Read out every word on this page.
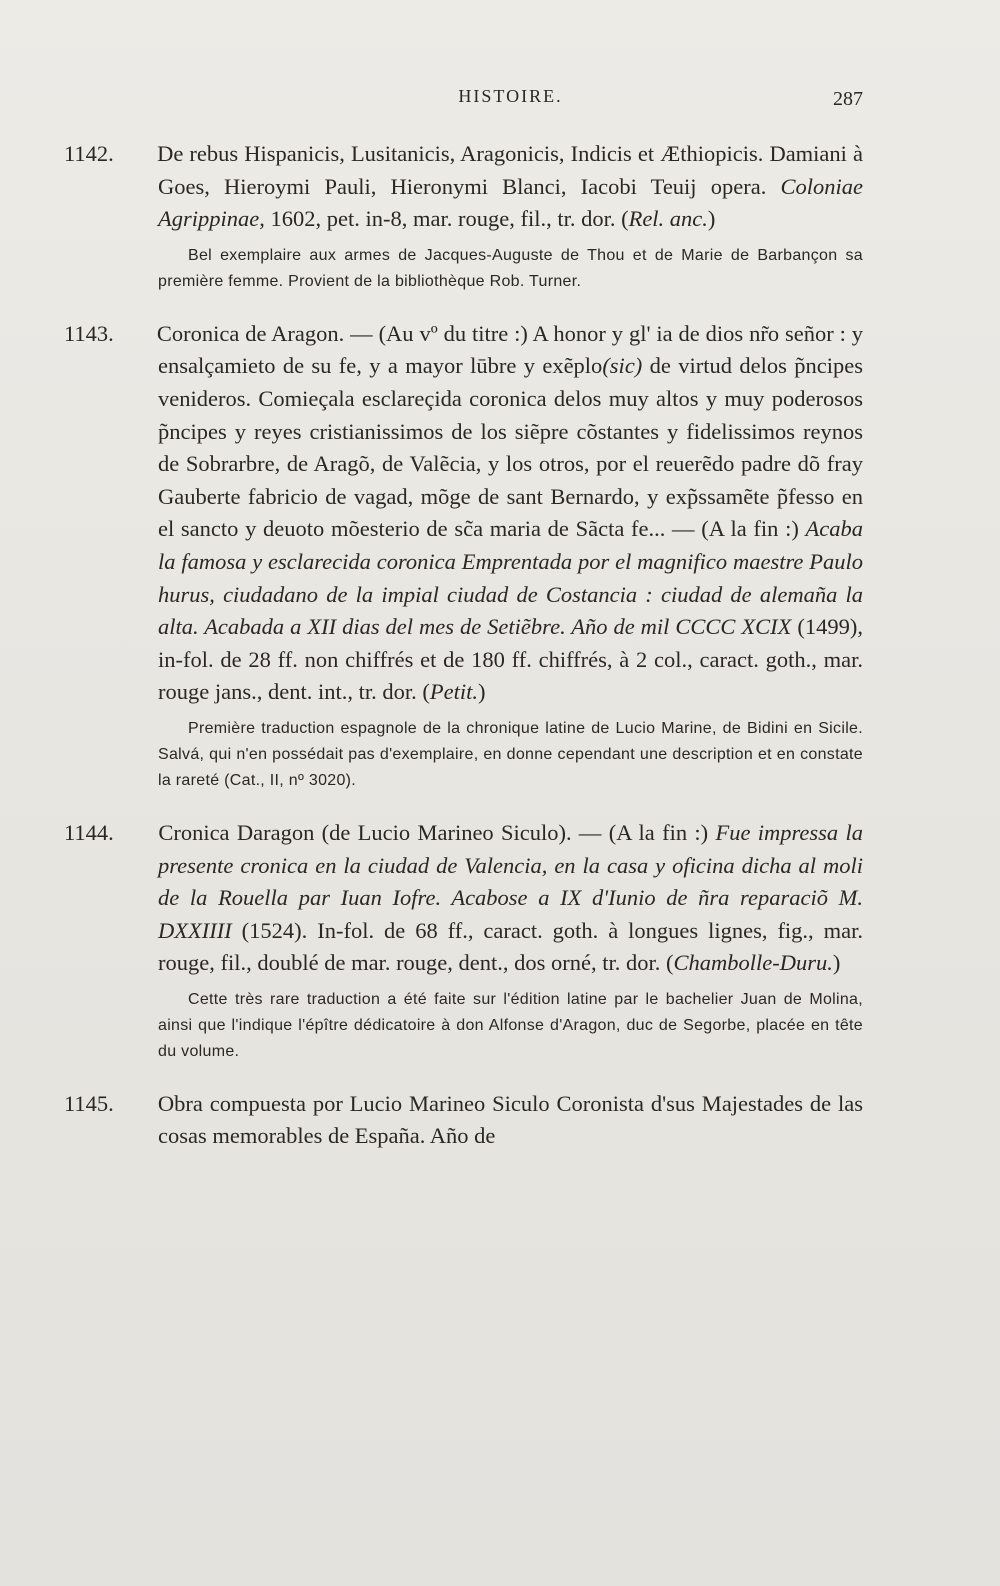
HISTOIRE.	287

1142. De rebus Hispanicis, Lusitanicis, Aragonicis, Indicis et Æthiopicis. Damiani à Goes, Hieroymi Pauli, Hieronymi Blanci, Iacobi Teuij opera. Coloniae Agrippinae, 1602, pet. in-8, mar. rouge, fil., tr. dor. (Rel. anc.)

Bel exemplaire aux armes de Jacques-Auguste de Thou et de Marie de Barbançon sa première femme. Provient de la bibliothèque Rob. Turner.

1143. Coronica de Aragon. — (Au vº du titre :) A honor y gl' ia de dios nr̃o señor : y ensalçamieto de su fe, y a mayor lūbre y exẽplo(sic) de virtud delos p̃ncipes venideros. Comieçala esclareçida coronica delos muy altos y muy poderosos p̃ncipes y reyes cristianissimos de los siẽpre cõstantes y fidelissimos reynos de Sobrarbre, de Aragõ, de Valẽcia, y los otros, por el reuerẽdo padre dõ fray Gauberte fabricio de vagad, mõge de sant Bernardo, y exp̃ssamẽte p̃fesso en el sancto y deuoto mõesterio de sc̃a maria de Sãcta fe... — (A la fin :) Acaba la famosa y esclarecida coronica Emprentada por el magnifico maestre Paulo hurus, ciudadano de la impial ciudad de Costancia : ciudad de alemaña la alta. Acabada a XII dias del mes de Setiẽbre. Año de mil CCCC XCIX (1499), in-fol. de 28 ff. non chiffrés et de 180 ff. chiffrés, à 2 col., caract. goth., mar. rouge jans., dent. int., tr. dor. (Petit.)

Première traduction espagnole de la chronique latine de Lucio Marine, de Bidini en Sicile. Salvá, qui n'en possédait pas d'exemplaire, en donne cependant une description et en constate la rareté (Cat., II, nº 3020).

1144. Cronica Daragon (de Lucio Marineo Siculo). — (A la fin :) Fue impressa la presente cronica en la ciudad de Valencia, en la casa y oficina dicha al moli de la Rouella par Iuan Iofre. Acabose a IX d'Iunio de ñra reparaciõ M. DXXIIII (1524). In-fol. de 68 ff., caract. goth. à longues lignes, fig., mar. rouge, fil., doublé de mar. rouge, dent., dos orné, tr. dor. (Chambolle-Duru.)

Cette très rare traduction a été faite sur l'édition latine par le bachelier Juan de Molina, ainsi que l'indique l'épître dédicatoire à don Alfonse d'Aragon, duc de Segorbe, placée en tête du volume.

1145. Obra compuesta por Lucio Marineo Siculo Coronista d'sus Majestades de las cosas memorables de España. Año de
